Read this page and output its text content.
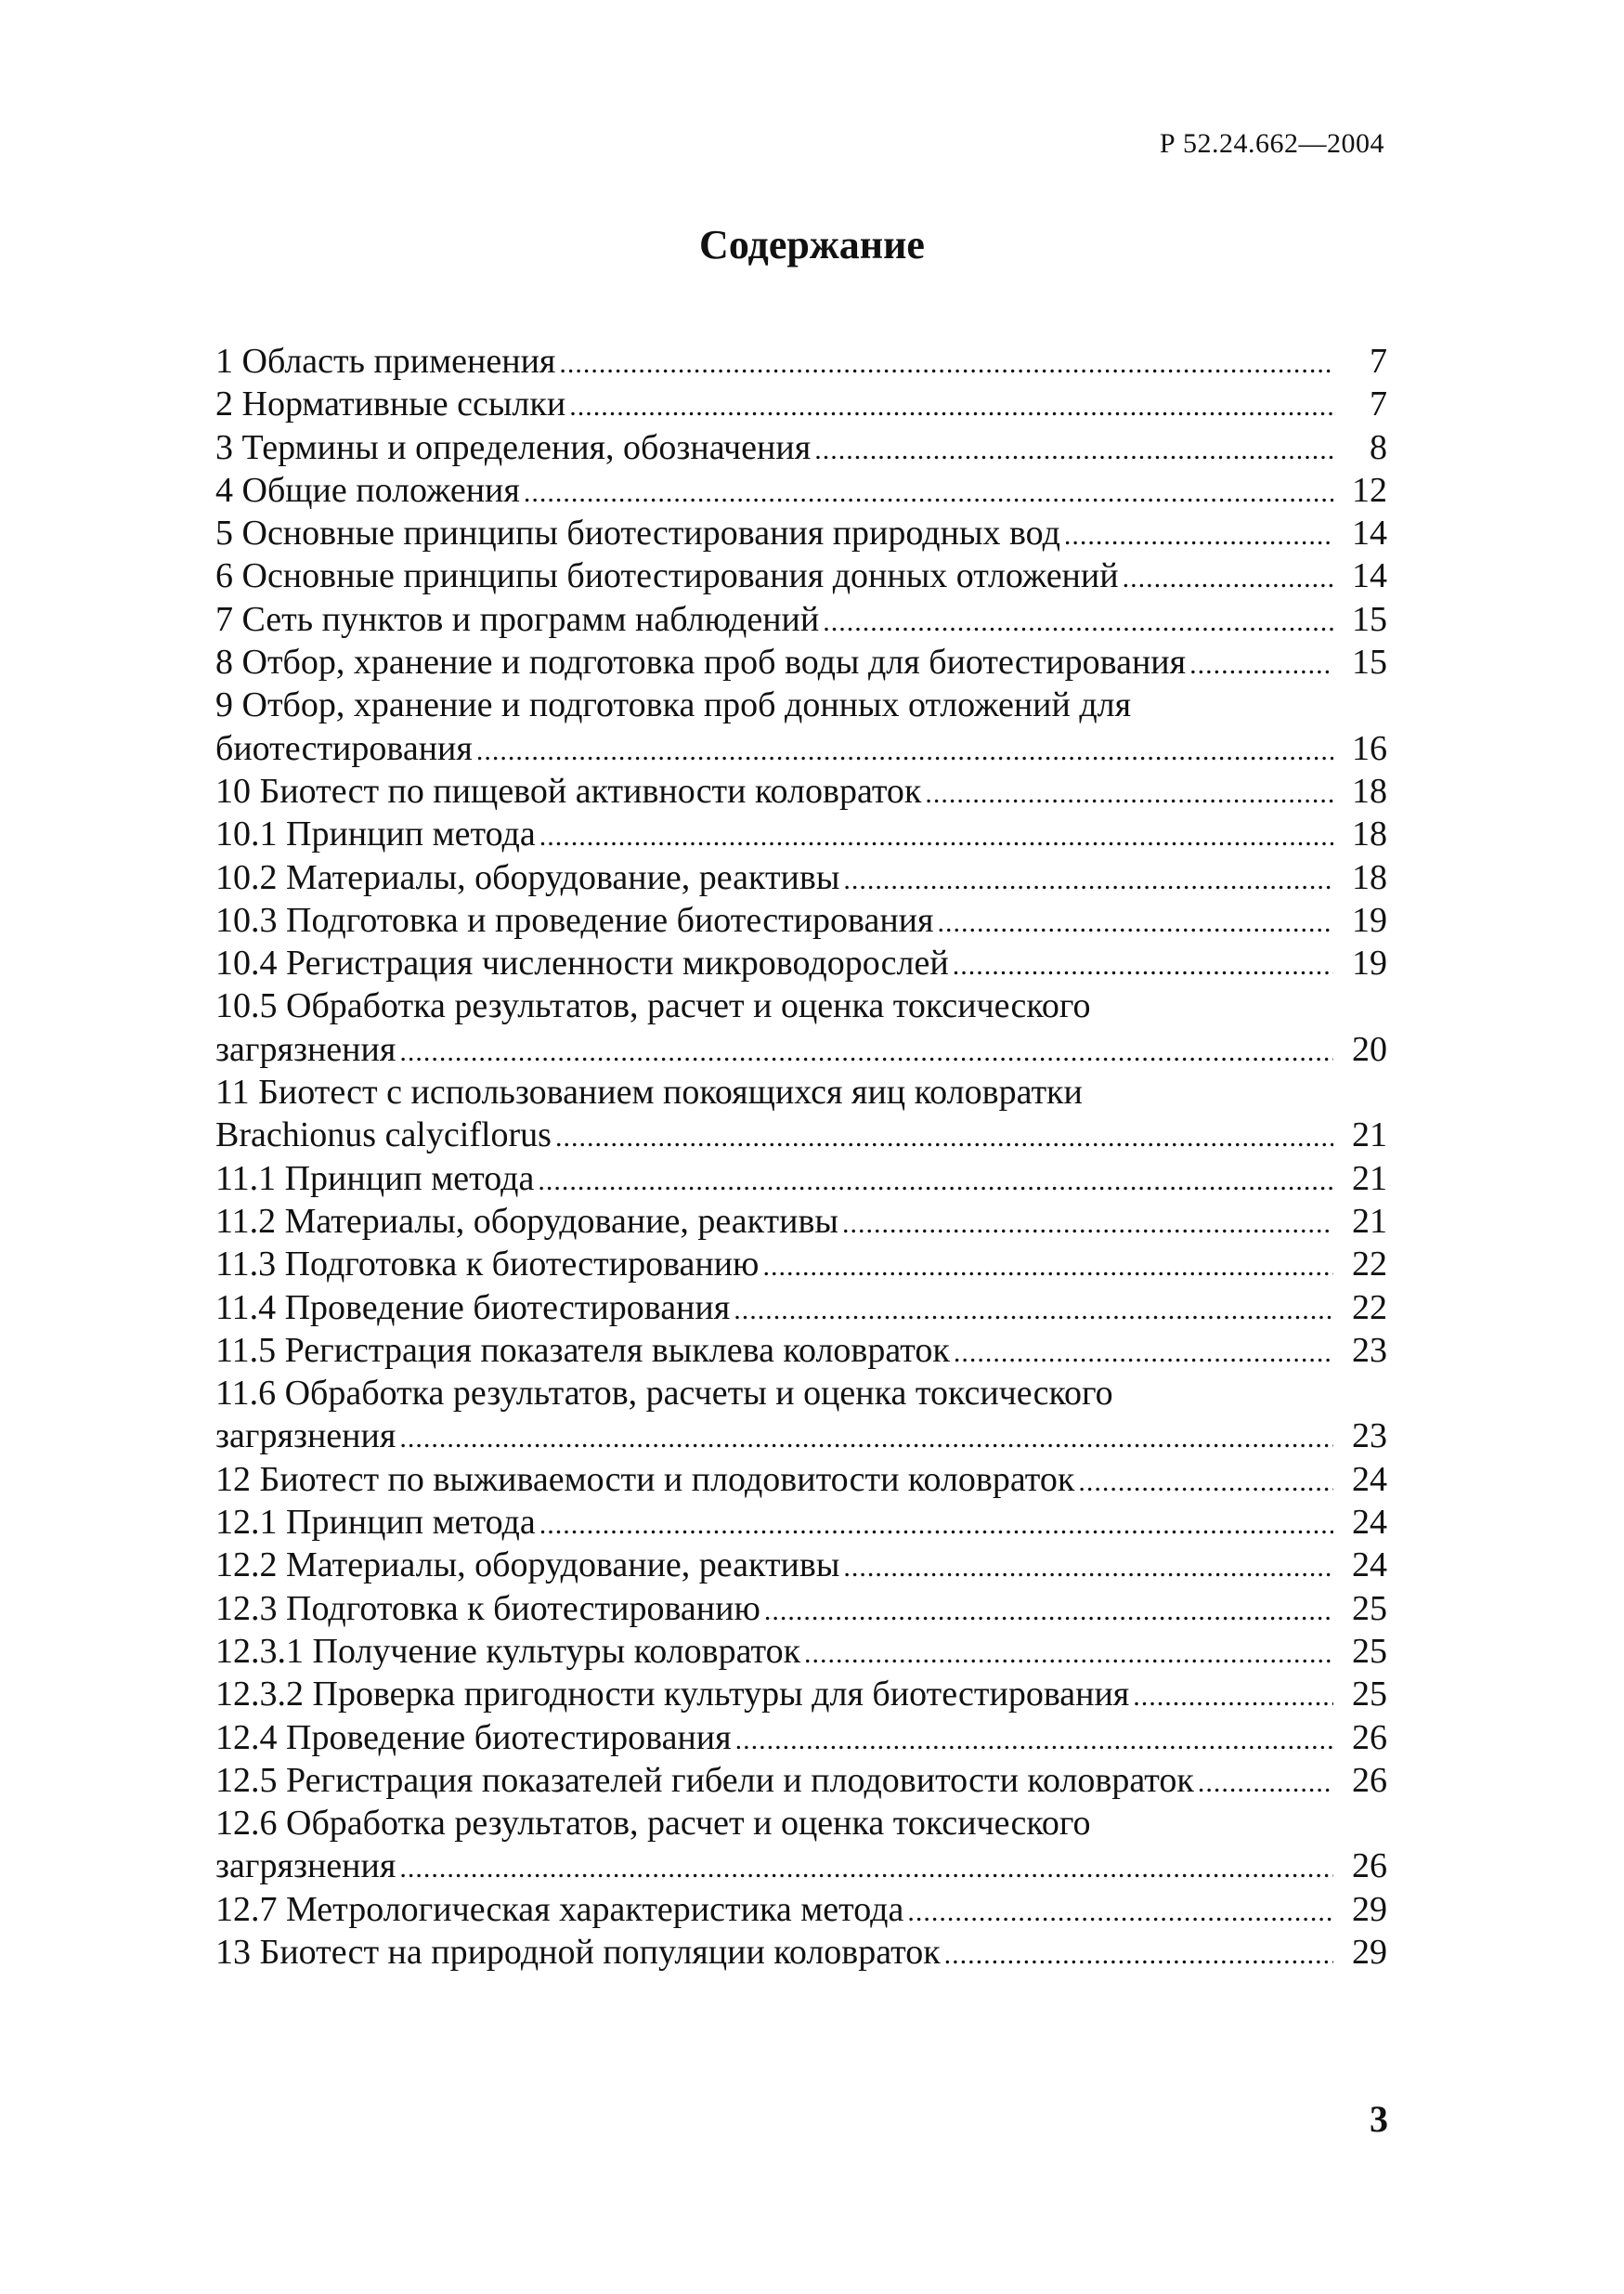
Р 52.24.662—2004
Содержание
1 Область применения .....	7
2 Нормативные ссылки .....	7
3 Термины и определения, обозначения .....	8
4 Общие положения .....	12
5 Основные принципы биотестирования природных вод .....	14
6 Основные принципы биотестирования донных отложений .....	14
7 Сеть пунктов и программ наблюдений .....	15
8 Отбор, хранение и подготовка проб воды для биотестирования .....	15
9 Отбор, хранение и подготовка проб донных отложений для
биотестирования .....	16
10 Биотест по пищевой активности коловраток .....	18
10.1 Принцип метода .....	18
10.2 Материалы, оборудование, реактивы .....	18
10.3 Подготовка и проведение биотестирования .....	19
10.4 Регистрация численности микроводорослей .....	19
10.5 Обработка результатов, расчет и оценка токсического
загрязнения .....	20
11 Биотест с использованием покоящихся яиц коловратки
Brachionus calyciflorus .....	21
11.1 Принцип метода .....	21
11.2 Материалы, оборудование, реактивы .....	21
11.3 Подготовка к биотестированию .....	22
11.4 Проведение биотестирования .....	22
11.5 Регистрация показателя выклева коловраток .....	23
11.6 Обработка результатов, расчеты и оценка токсического
загрязнения .....	23
12 Биотест по выживаемости и плодовитости коловраток .....	24
12.1 Принцип метода .....	24
12.2 Материалы, оборудование, реактивы .....	24
12.3 Подготовка к биотестированию .....	25
12.3.1 Получение культуры коловраток .....	25
12.3.2 Проверка пригодности культуры для биотестирования .....	25
12.4 Проведение биотестирования .....	26
12.5 Регистрация показателей гибели и плодовитости коловраток .....	26
12.6 Обработка результатов, расчет и оценка токсического
загрязнения .....	26
12.7 Метрологическая характеристика метода .....	29
13 Биотест на природной популяции коловраток .....	29
3
